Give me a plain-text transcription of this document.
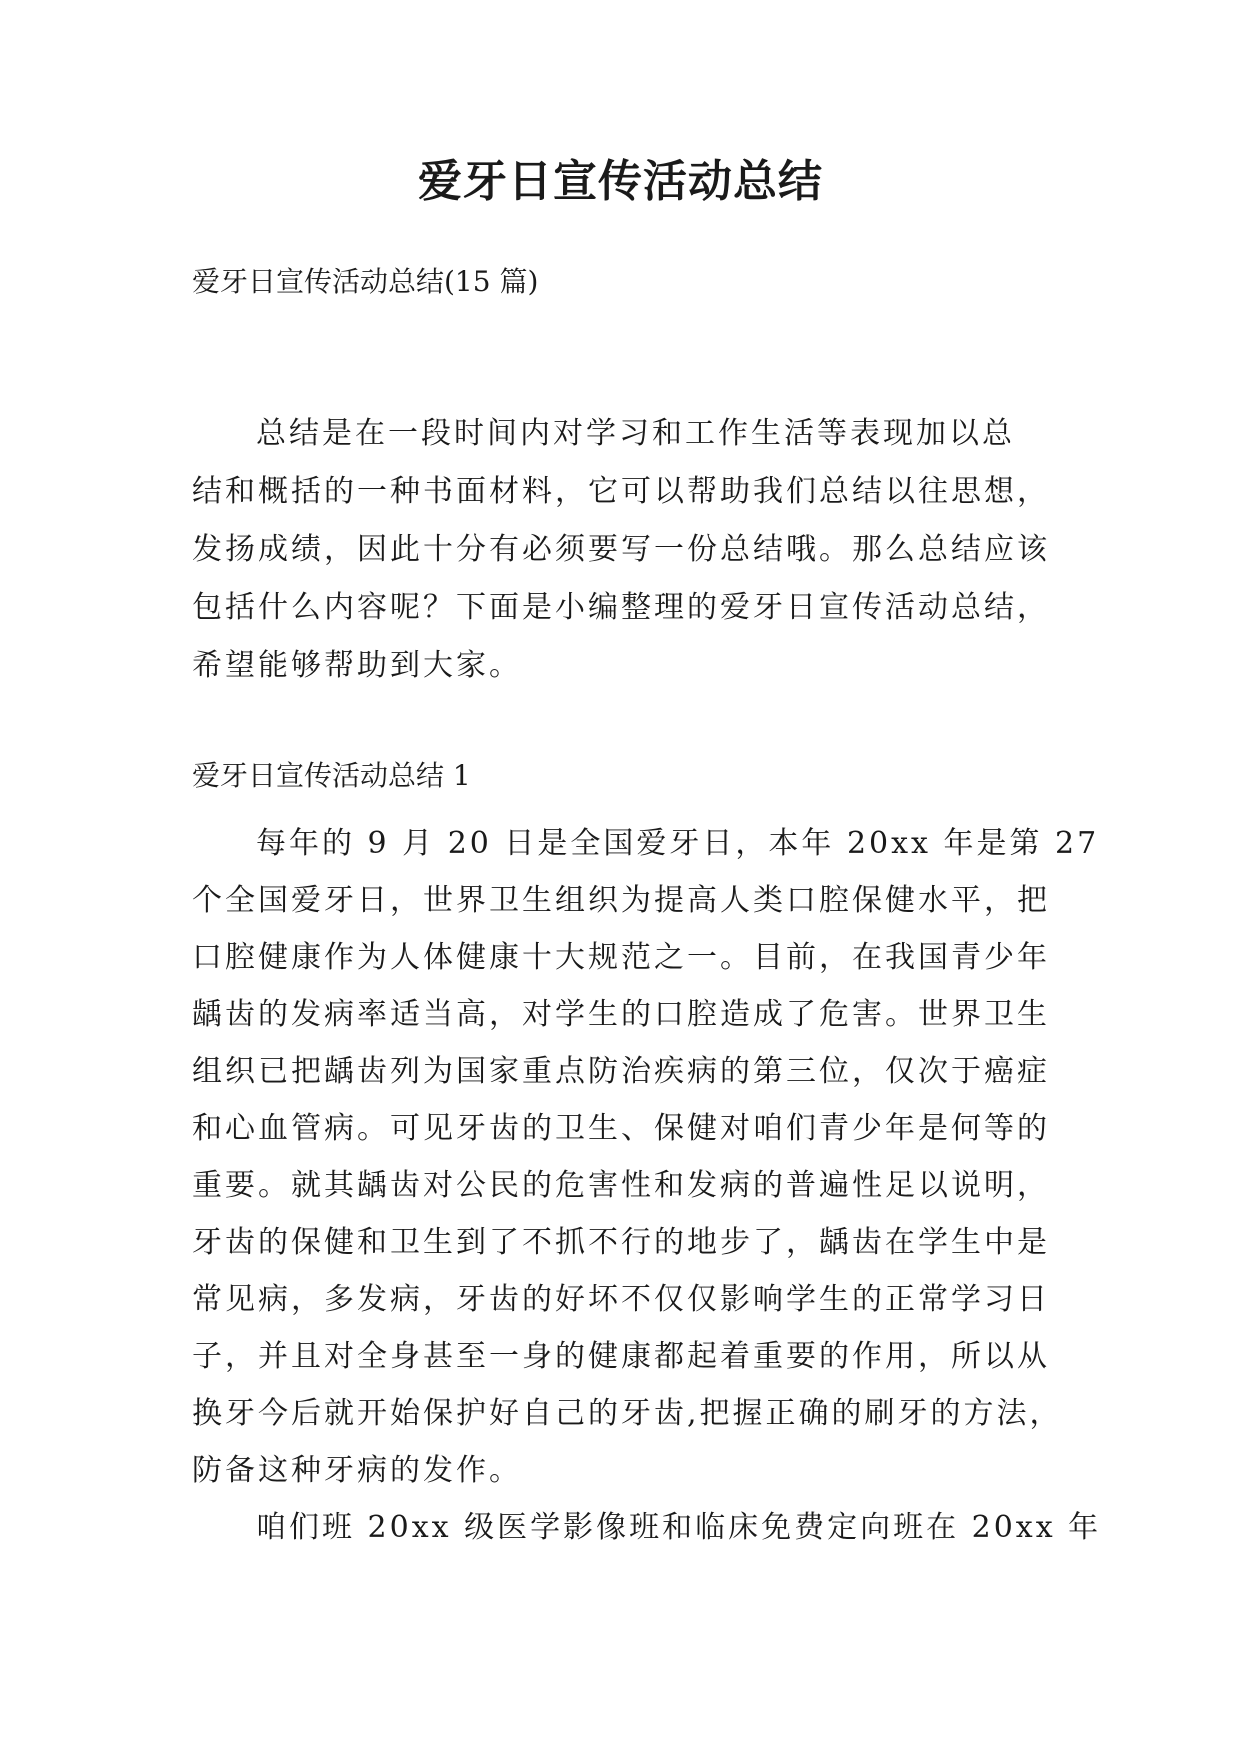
爱牙日宣传活动总结
爱牙日宣传活动总结(15 篇)
总结是在一段时间内对学习和工作生活等表现加以总
结和概括的一种书面材料，它可以帮助我们总结以往思想，
发扬成绩，因此十分有必须要写一份总结哦。那么总结应该
包括什么内容呢？下面是小编整理的爱牙日宣传活动总结，
希望能够帮助到大家。
爱牙日宣传活动总结 1
每年的 9 月 20 日是全国爱牙日，本年 20xx 年是第 27
个全国爱牙日，世界卫生组织为提高人类口腔保健水平，把
口腔健康作为人体健康十大规范之一。目前，在我国青少年
龋齿的发病率适当高，对学生的口腔造成了危害。世界卫生
组织已把龋齿列为国家重点防治疾病的第三位，仅次于癌症
和心血管病。可见牙齿的卫生、保健对咱们青少年是何等的
重要。就其龋齿对公民的危害性和发病的普遍性足以说明，
牙齿的保健和卫生到了不抓不行的地步了，龋齿在学生中是
常见病，多发病，牙齿的好坏不仅仅影响学生的正常学习日
子，并且对全身甚至一身的健康都起着重要的作用，所以从
换牙今后就开始保护好自己的牙齿,把握正确的刷牙的方法，
防备这种牙病的发作。
咱们班 20xx 级医学影像班和临床免费定向班在 20xx 年
